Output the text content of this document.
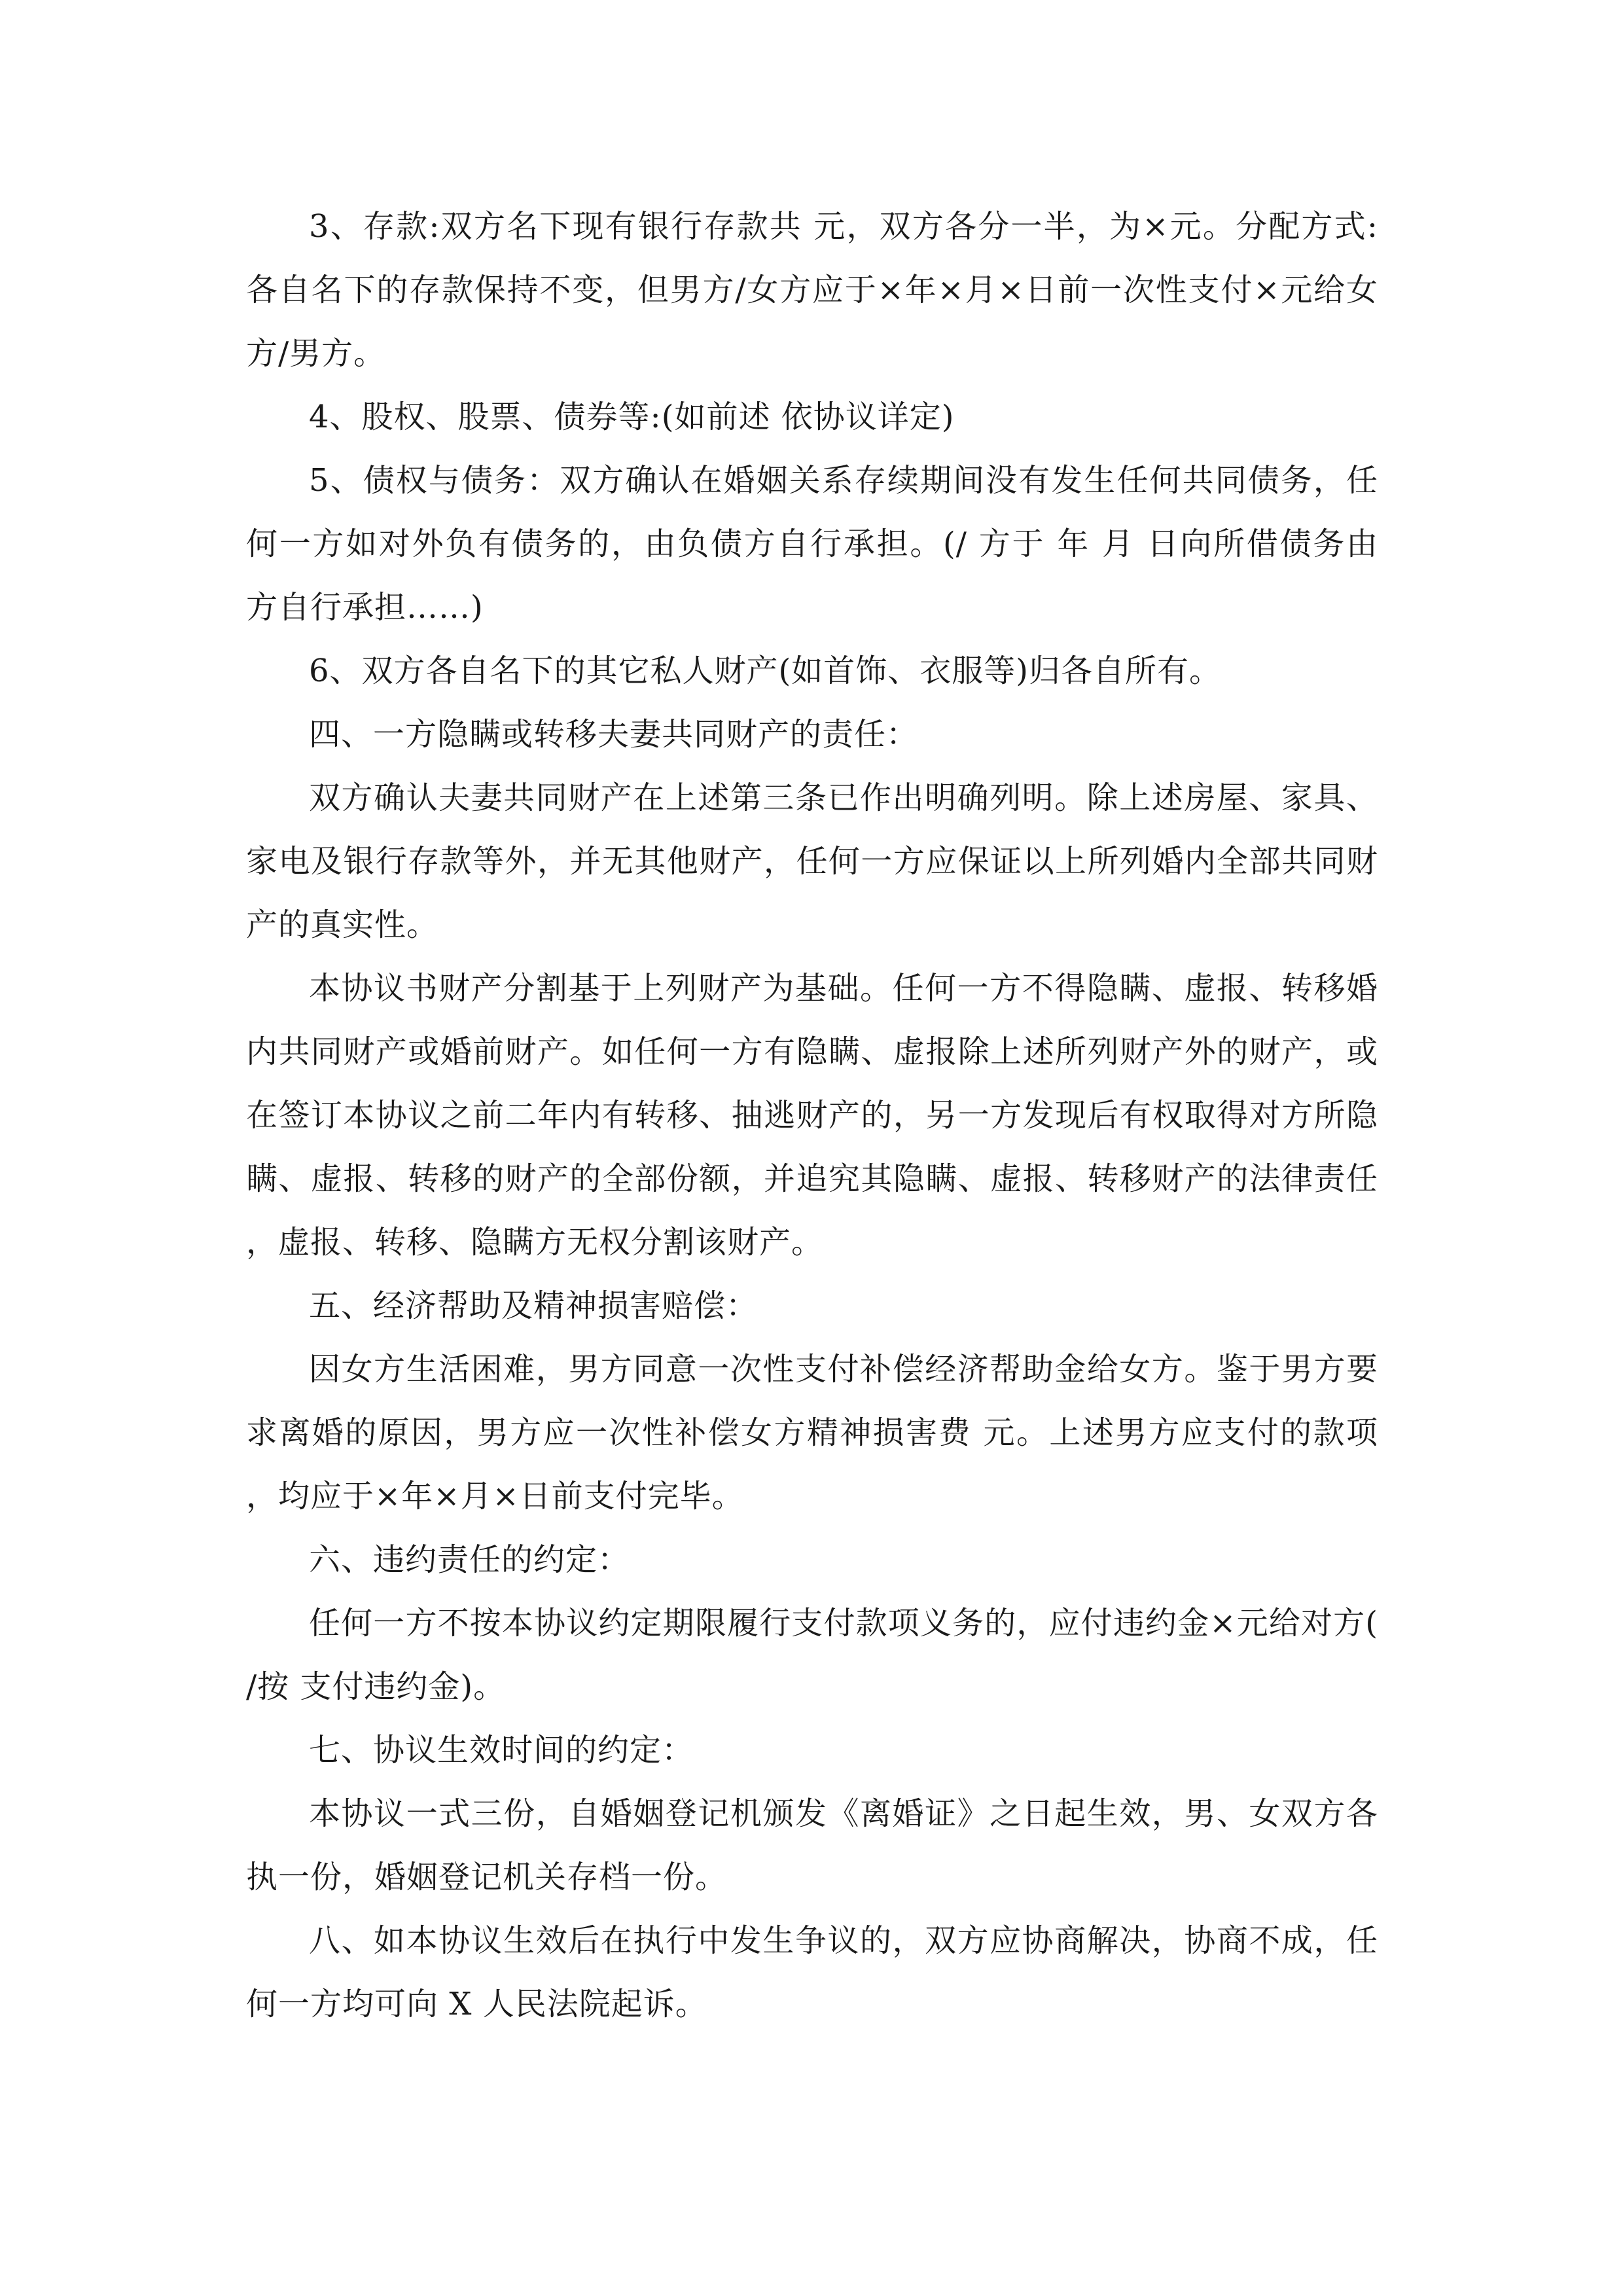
3、存款:双方名下现有银行存款共 元，双方各分一半，为×元。分配方式:各自名下的存款保持不变，但男方/女方应于×年×月×日前一次性支付×元给女方/男方。

4、股权、股票、债券等:(如前述 依协议详定)

5、债权与债务：双方确认在婚姻关系存续期间没有发生任何共同债务，任何一方如对外负有债务的，由负债方自行承担。(/ 方于 年 月 日向所借债务由 方自行承担……)

6、双方各自名下的其它私人财产(如首饰、衣服等)归各自所有。

四、一方隐瞒或转移夫妻共同财产的责任：

双方确认夫妻共同财产在上述第三条已作出明确列明。除上述房屋、家具、家电及银行存款等外，并无其他财产，任何一方应保证以上所列婚内全部共同财产的真实性。

本协议书财产分割基于上列财产为基础。任何一方不得隐瞒、虚报、转移婚内共同财产或婚前财产。如任何一方有隐瞒、虚报除上述所列财产外的财产，或在签订本协议之前二年内有转移、抽逃财产的，另一方发现后有权取得对方所隐瞒、虚报、转移的财产的全部份额，并追究其隐瞒、虚报、转移财产的法律责任，虚报、转移、隐瞒方无权分割该财产。

五、经济帮助及精神损害赔偿：

因女方生活困难，男方同意一次性支付补偿经济帮助金给女方。鉴于男方要求离婚的原因，男方应一次性补偿女方精神损害费 元。上述男方应支付的款项，均应于×年×月×日前支付完毕。

六、违约责任的约定：

任何一方不按本协议约定期限履行支付款项义务的，应付违约金×元给对方(/按 支付违约金)。

七、协议生效时间的约定：

本协议一式三份，自婚姻登记机颁发《离婚证》之日起生效，男、女双方各执一份，婚姻登记机关存档一份。

八、如本协议生效后在执行中发生争议的，双方应协商解决，协商不成，任何一方均可向 X 人民法院起诉。
